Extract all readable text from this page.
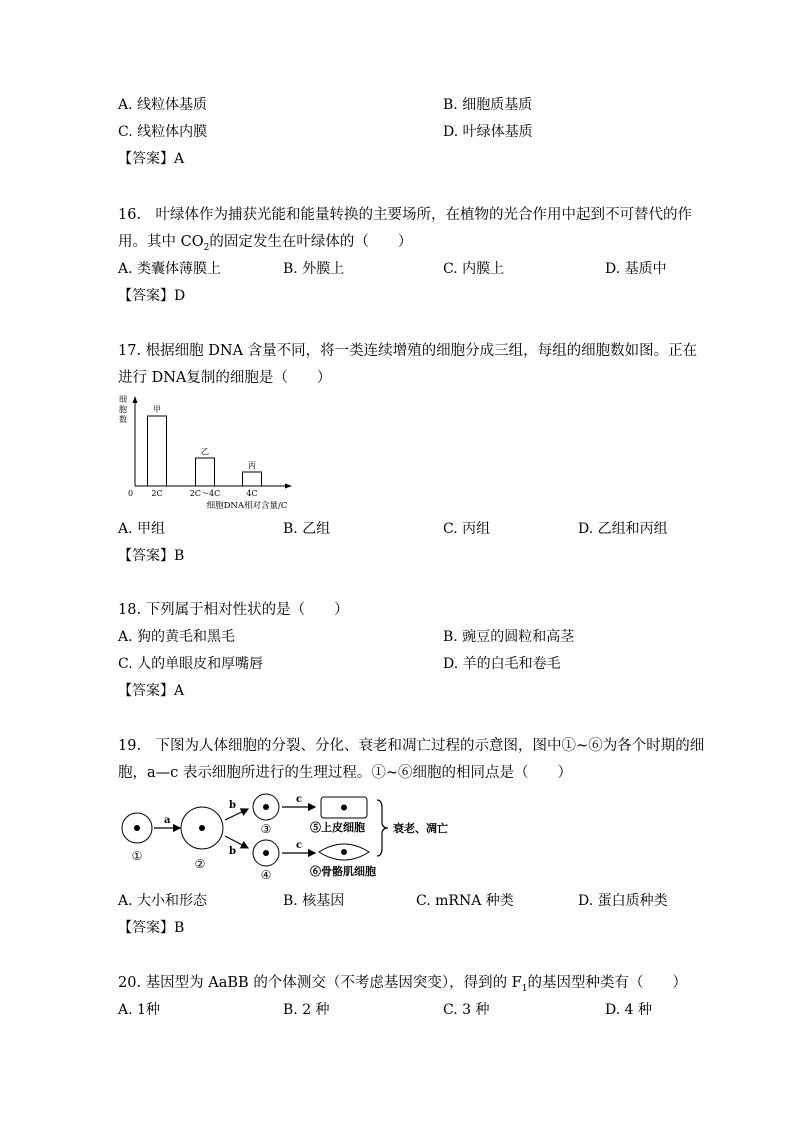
A. 线粒体基质	B. 细胞质基质
C. 线粒体内膜	D. 叶绿体基质
【答案】A
16.　叶绿体作为捕获光能和能量转换的主要场所，在植物的光合作用中起到不可替代的作
用。其中 $CO_2$的固定发生在叶绿体的（　　）
A. 类囊体薄膜上	B. 外膜上	C. 内膜上	D. 基质中
【答案】D
17. 根据细胞 DNA 含量不同，将一类连续增殖的细胞分成三组，每组的细胞数如图。正在
进行 DNA复制的细胞是（　　）
细
胞
数
0
甲
乙
丙
2C	2C～4C	4C
细胞DNA相对含量/C
A. 甲组	B. 乙组	C. 丙组	D. 乙组和丙组
【答案】B
18. 下列属于相对性状的是（　　）
A. 狗的黄毛和黑毛	B. 豌豆的圆粒和高茎
C. 人的单眼皮和厚嘴唇	D. 羊的白毛和卷毛
【答案】A
19.　下图为人体细胞的分裂、分化、衰老和凋亡过程的示意图，图中①~⑥为各个时期的细
胞，a—c 表示细胞所进行的生理过程。①~⑥细胞的相同点是（　　）
①
a
②
b
b
③
④
c
c
⑤上皮细胞
⑥骨骼肌细胞
衰老、凋亡
A. 大小和形态	B. 核基因	C. mRNA 种类	D. 蛋白质种类
【答案】B
20. 基因型为 AaBB 的个体测交（不考虑基因突变），得到的 $F_1$的基因型种类有（　　）
A. 1种	B. 2 种	C. 3 种	D. 4 种
